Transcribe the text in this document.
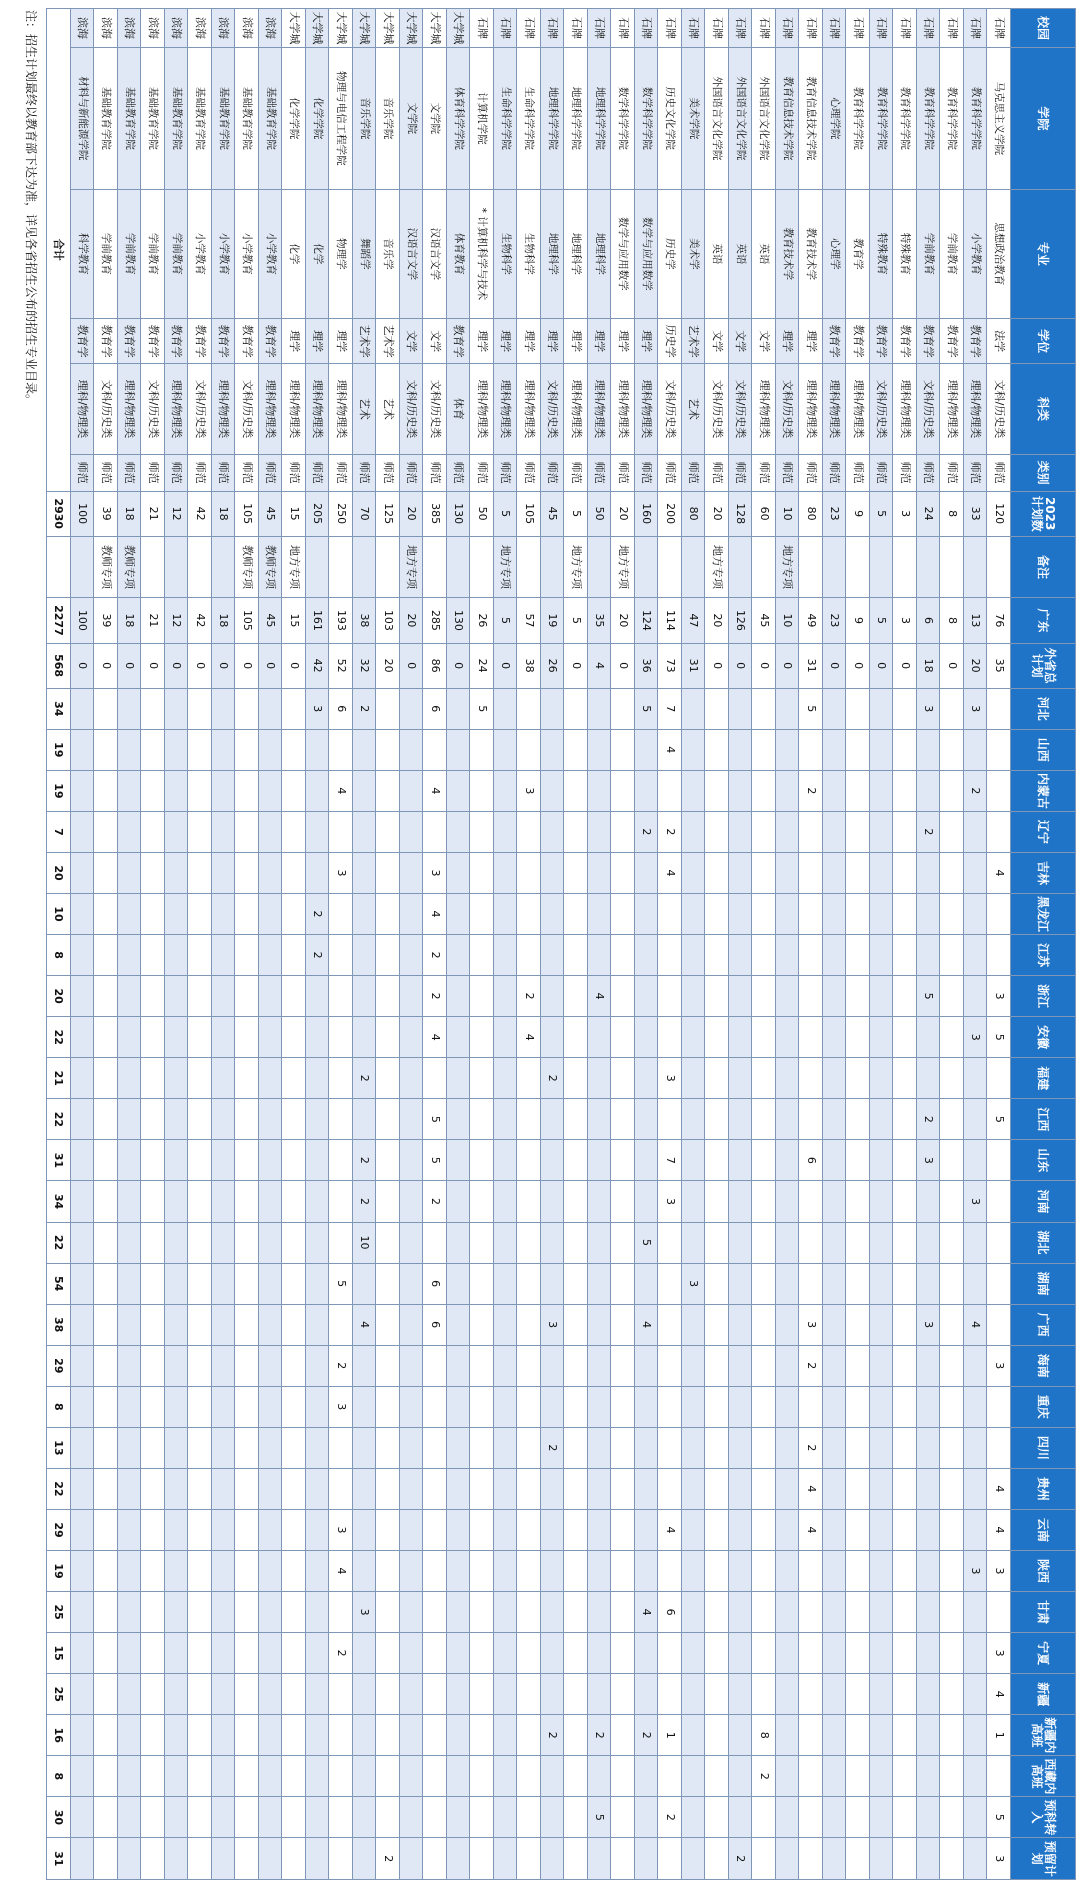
校园	学院	专业	学位	科类	类别	2023计划数	备注	广东	外省总计划	河北	山西	内蒙古	辽宁	吉林	黑龙江	江苏	浙江	安徽	福建	江西	山东	河南	湖北	湖南	广西	海南	重庆	四川	贵州	云南	陕西	甘肃	宁夏	新疆	新疆内高班	西藏内高班	预科转入	预留计划
石牌	马克思主义学院	思想政治教育	法学	文科/历史类	师范	120		76	35					4			3	5		5						3			4	4	3		3	4	1		5	3
石牌	教育科学学院	小学教育	教育学	理科/物理类	师范	33		13	20	3		2						3				3			4						3							
石牌	教育科学学院	学前教育	教育学	理科/物理类	师范	8		8	0																													
石牌	教育科学学院	学前教育	教育学	文科/历史类	师范	24		6	18	3			2				5			2	3				3													
石牌	教育科学学院	特殊教育	教育学	理科/物理类	师范	3		3	0																													
石牌	教育科学学院	特殊教育	教育学	文科/历史类	师范	5		5	0																													
石牌	教育科学学院	教育学	教育学	理科/物理类	师范	9		9	0																													
石牌	心理学院	心理学	教育学	理科/物理类	师范	23		23	0																													
石牌	教育信息技术学院	教育技术学	理学	理科/物理类	师范	80		49	31	5		2									6				3	2		2	4	4								
石牌	教育信息技术学院	教育技术学	理学	文科/历史类	师范	10	地方专项	10	0																													
石牌	外国语言文化学院	英语	文学	理科/物理类	师范	60		45	0																										8	2		
石牌	外国语言文化学院	英语	文学	文科/历史类	师范	128		126	0																													2
石牌	外国语言文化学院	英语	文学	文科/历史类	师范	20	地方专项	20	0																													
石牌	美术学院	美术学	艺术学	艺术	师范	80		47	31															3														
石牌	历史文化学院	历史学	历史学	文科/历史类	师范	200		114	73	7	4		2	4					3		7	3								4		6			1		2	
石牌	数学科学学院	数学与应用数学	理学	理科/物理类	师范	160		124	36	5			2										5		4							4			2			
石牌	数学科学学院	数学与应用数学	理学	理科/物理类	师范	20	地方专项	20	0																													
石牌	地理科学学院	地理科学	理学	理科/物理类	师范	50		35	4								4																		2		5	
石牌	地理科学学院	地理科学	理学	理科/物理类	师范	5	地方专项	5	0																													
石牌	地理科学学院	地理科学	理学	文科/历史类	师范	45		19	26										2						3			2							2			
石牌	生命科学学院	生物科学	理学	理科/物理类	师范	105		57	38			3					2	4																				
石牌	生命科学学院	生物科学	理学	理科/物理类	师范	5	地方专项	5	0																													
石牌	计算机学院	* 计算机科学与技术	理学	理科/物理类	师范	50		26	24	5																												
大学城	体育科学学院	体育教育	教育学	体育	师范	130		130	0																													
大学城	文学院	汉语言文学	文学	文科/历史类	师范	385		285	86	6		4		3	4	2	2	4		5	5	2		6	6													
大学城	文学院	汉语言文学	文学	文科/历史类	师范	20	地方专项	20	0																													
大学城	音乐学院	音乐学	艺术学	艺术	师范	125		103	20																													2
大学城	音乐学院	舞蹈学	艺术学	艺术	师范	70		38	32	2									2		2	2	10		4							3						
大学城	物理与电信工程学院	物理学	理学	理科/物理类	师范	250		193	52	6		4		3										5		2	3			3	4		2					
大学城	化学学院	化学	理学	理科/物理类	师范	205		161	42	3					2	2																						
大学城	化学学院	化学	理学	理科/物理类	师范	15	地方专项	15	0																													
滨海	基础教育学院	小学教育	教育学	理科/物理类	师范	45	教师专项	45	0																													
滨海	基础教育学院	小学教育	教育学	文科/历史类	师范	105	教师专项	105	0																													
滨海	基础教育学院	小学教育	教育学	理科/物理类	师范	18		18	0																													
滨海	基础教育学院	小学教育	教育学	文科/历史类	师范	42		42	0																													
滨海	基础教育学院	学前教育	教育学	理科/物理类	师范	12		12	0																													
滨海	基础教育学院	学前教育	教育学	文科/历史类	师范	21		21	0																													
滨海	基础教育学院	学前教育	教育学	理科/物理类	师范	18	教师专项	18	0																													
滨海	基础教育学院	学前教育	教育学	文科/历史类	师范	39	教师专项	39	0																													
滨海	材料与新能源学院	科学教育	教育学	理科/物理类	师范	100		100	0																													
合计						2930		2277	568	34	19	19	7	20	10	8	20	22	21	22	31	34	22	54	38	29	8	13	22	29	19	25	15	25	16	8	30	31
注：招生计划最终以教育部下达为准，详见各省招生公布的招生专业目录。
